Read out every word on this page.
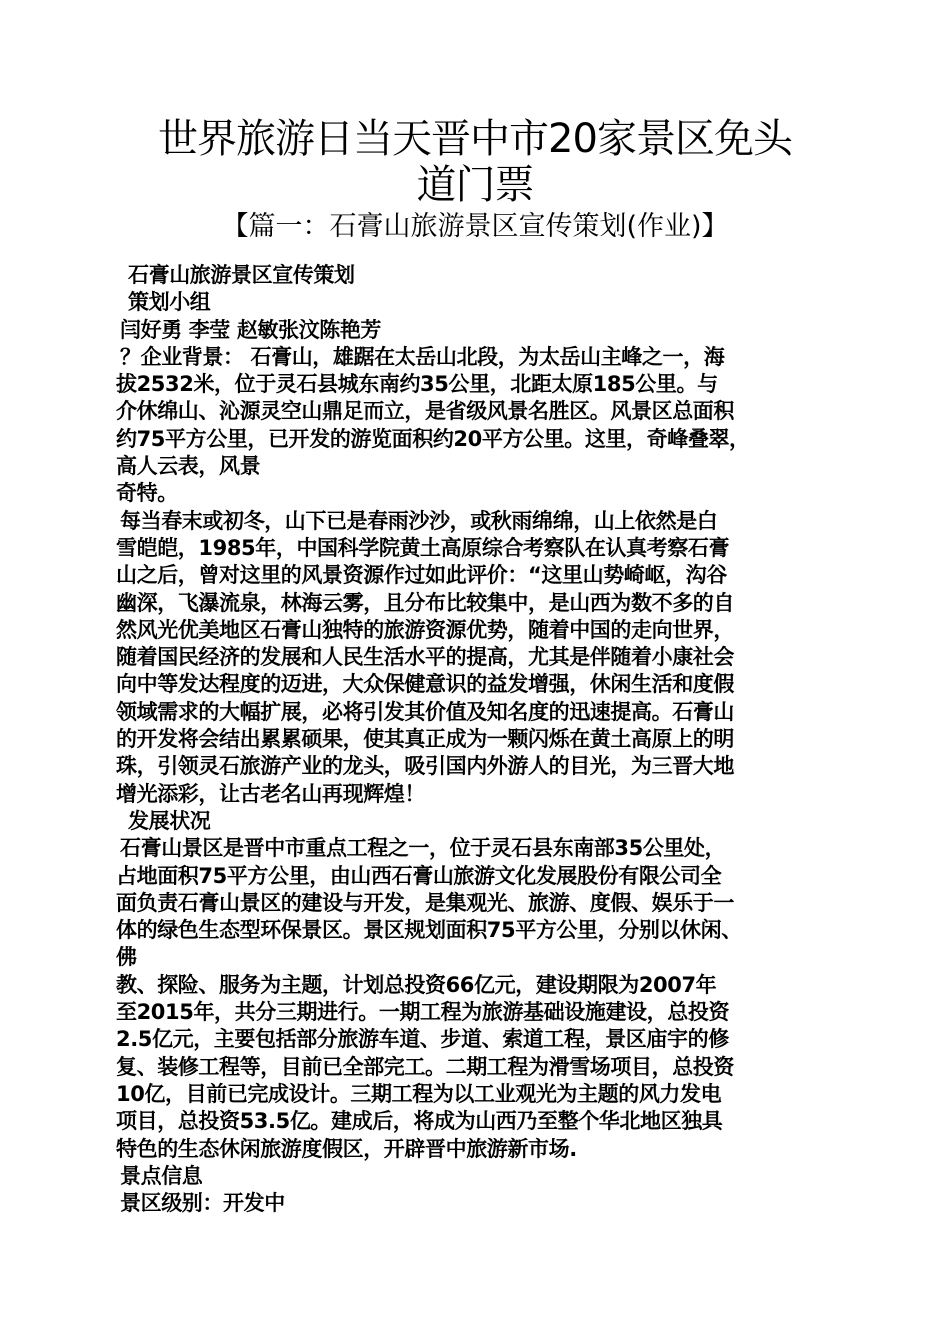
世界旅游日当天晋中市20家景区免头
道门票
【篇一：石膏山旅游景区宣传策划(作业)】
石膏山旅游景区宣传策划
策划小组
闫好勇 李莹 赵敏张汶陈艳芳
？企业背景： 石膏山，雄踞在太岳山北段，为太岳山主峰之一，海
拔2532米，位于灵石县城东南约35公里，北距太原185公里。与
介休绵山、沁源灵空山鼎足而立，是省级风景名胜区。风景区总面积
约75平方公里，已开发的游览面积约20平方公里。这里，奇峰叠翠，
高人云表，风景
奇特。
每当春末或初冬，山下已是春雨沙沙，或秋雨绵绵，山上依然是白
雪皑皑，1985年，中国科学院黄土高原综合考察队在认真考察石膏
山之后，曾对这里的风景资源作过如此评价：“这里山势崎岖，沟谷
幽深，飞瀑流泉，林海云雾，且分布比较集中，是山西为数不多的自
然风光优美地区石膏山独特的旅游资源优势，随着中国的走向世界，
随着国民经济的发展和人民生活水平的提高，尤其是伴随着小康社会
向中等发达程度的迈进，大众保健意识的益发增强，休闲生活和度假
领域需求的大幅扩展，必将引发其价值及知名度的迅速提高。石膏山
的开发将会结出累累硕果，使其真正成为一颗闪烁在黄土高原上的明
珠，引领灵石旅游产业的龙头，吸引国内外游人的目光，为三晋大地
增光添彩，让古老名山再现辉煌！
发展状况
石膏山景区是晋中市重点工程之一，位于灵石县东南部35公里处，
占地面积75平方公里，由山西石膏山旅游文化发展股份有限公司全
面负责石膏山景区的建设与开发，是集观光、旅游、度假、娱乐于一
体的绿色生态型环保景区。景区规划面积75平方公里，分别以休闲、
佛
教、探险、服务为主题，计划总投资66亿元，建设期限为2007年
至2015年，共分三期进行。一期工程为旅游基础设施建设，总投资
2.5亿元，主要包括部分旅游车道、步道、索道工程，景区庙宇的修
复、装修工程等，目前已全部完工。二期工程为滑雪场项目，总投资
10亿，目前已完成设计。三期工程为以工业观光为主题的风力发电
项目，总投资53.5亿。建成后，将成为山西乃至整个华北地区独具
特色的生态休闲旅游度假区，开辟晋中旅游新市场.
景点信息
景区级别：开发中
